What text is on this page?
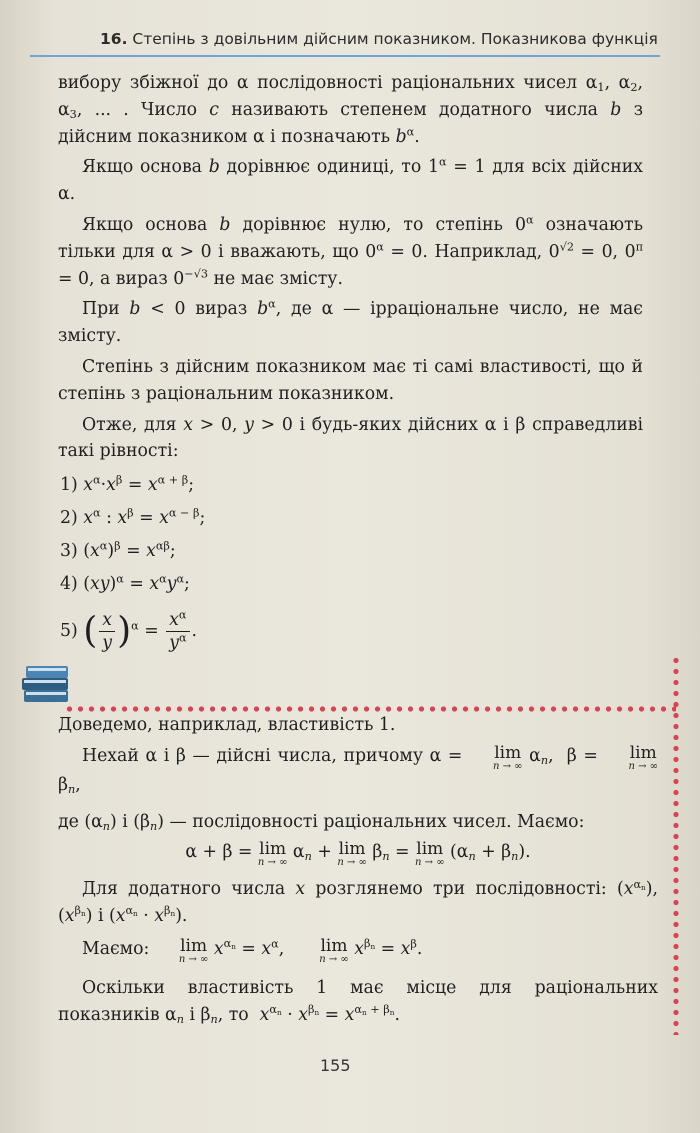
16. Степінь з довільним дійсним показником. Показникова функція

вибору збіжної до α послідовності раціональних чисел $\alpha_1$, $\alpha_2$, $\alpha_3$, ... . Число c називають степенем додатного числа b з дійсним показником α і позначають $b^\alpha$.

Якщо основа b дорівнює одиниці, то $1^\alpha = 1$ для всіх дійсних α.

Якщо основа b дорівнює нулю, то степінь $0^\alpha$ означають тільки для α > 0 і вважають, що $0^\alpha = 0$. Наприклад, $0^{√2} = 0$, $0^\pi = 0$, а вираз $0^{-√3}$ не має змісту.

При b < 0 вираз $b^\alpha$, де α — ірраціональне число, не має змісту.

Степінь з дійсним показником має ті самі властивості, що й степінь з раціональним показником.

Отже, для x > 0, y > 0 і будь-яких дійсних α і β справедливі такі рівності:

1) $x^\alpha\cdot x^\beta = x^{\alpha + \beta}$;
2) $x^\alpha$ : $x^\beta = x^{\alpha - \beta}$;
3) $(x^\alpha)^\beta = x^{\alpha\beta}$;
4) $(xy)^\alpha = x^\alpha y^\alpha$;
5) ( $\frac{x}{y} )^\alpha = \frac{x^\alpha}{y^\alpha}$ .

Доведемо, наприклад, властивість 1.

Нехай α і β — дійсні числа, причому α =	lim
n → ∞
$\alpha_n$,  β =	lim
n → ∞
$\beta_n$,

де $(\alpha_n)$ і $(\beta_n)$ — послідовності раціональних чисел. Маємо:

α + β = lim
n → ∞
$\alpha_n + \lim$
n → ∞
$\beta_n = \lim$
n → ∞
$(\alpha_n + \beta_n)$.

Для додатного числа x розглянемо три послідовності: $(x^{\alpha_n})$, $(x^{\beta_n})$ і $(x^{\alpha_n} \cdot x^{\beta_n})$.

Маємо:	lim
n → ∞
$x^{\alpha_n} = x^\alpha$,	lim
n → ∞
$x^{\beta_n} = x^\beta$.

Оскільки властивість 1 має місце для раціональних показників $\alpha_n$ і $\beta_n$, то  $x^{\alpha_n} \cdot x^{\beta_n} = x^{\alpha_n + \beta_n}$.

155
